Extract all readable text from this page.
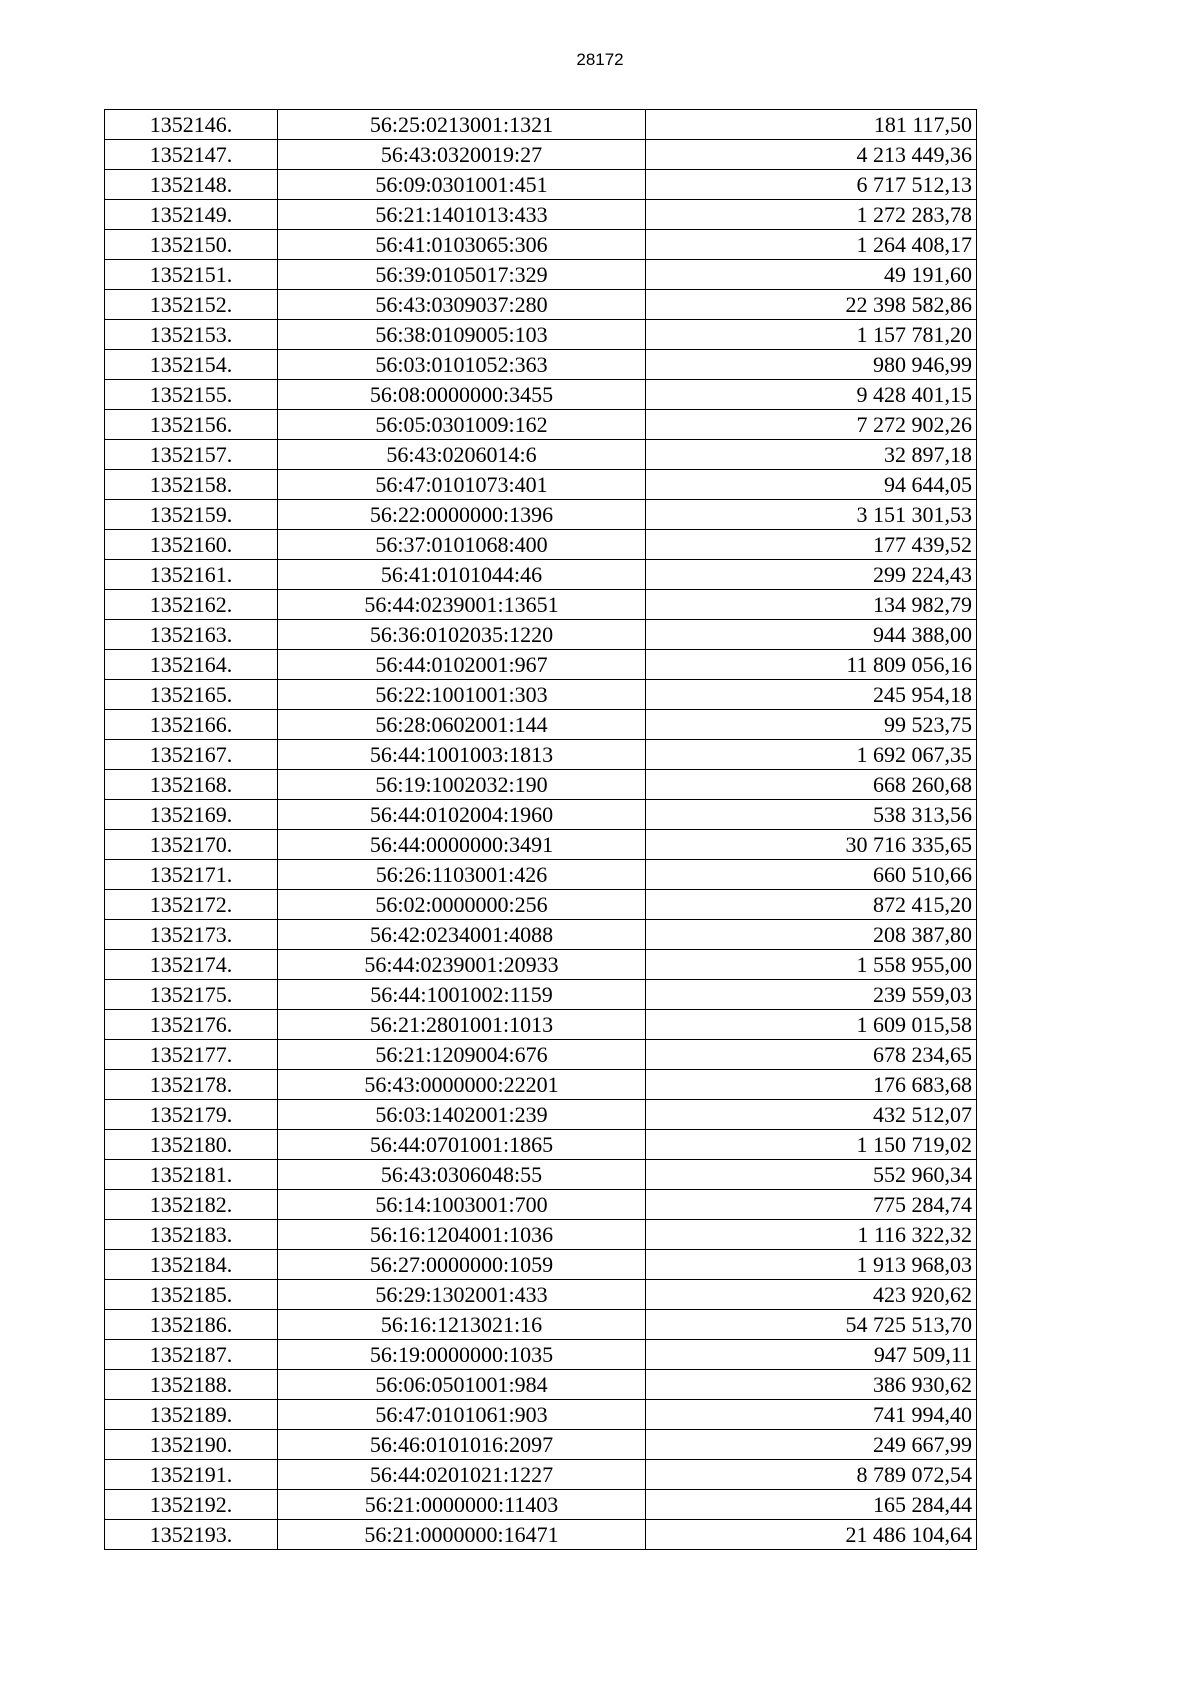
28172
1352146.	56:25:0213001:1321	181 117,50
1352147.	56:43:0320019:27	4 213 449,36
1352148.	56:09:0301001:451	6 717 512,13
1352149.	56:21:1401013:433	1 272 283,78
1352150.	56:41:0103065:306	1 264 408,17
1352151.	56:39:0105017:329	49 191,60
1352152.	56:43:0309037:280	22 398 582,86
1352153.	56:38:0109005:103	1 157 781,20
1352154.	56:03:0101052:363	980 946,99
1352155.	56:08:0000000:3455	9 428 401,15
1352156.	56:05:0301009:162	7 272 902,26
1352157.	56:43:0206014:6	32 897,18
1352158.	56:47:0101073:401	94 644,05
1352159.	56:22:0000000:1396	3 151 301,53
1352160.	56:37:0101068:400	177 439,52
1352161.	56:41:0101044:46	299 224,43
1352162.	56:44:0239001:13651	134 982,79
1352163.	56:36:0102035:1220	944 388,00
1352164.	56:44:0102001:967	11 809 056,16
1352165.	56:22:1001001:303	245 954,18
1352166.	56:28:0602001:144	99 523,75
1352167.	56:44:1001003:1813	1 692 067,35
1352168.	56:19:1002032:190	668 260,68
1352169.	56:44:0102004:1960	538 313,56
1352170.	56:44:0000000:3491	30 716 335,65
1352171.	56:26:1103001:426	660 510,66
1352172.	56:02:0000000:256	872 415,20
1352173.	56:42:0234001:4088	208 387,80
1352174.	56:44:0239001:20933	1 558 955,00
1352175.	56:44:1001002:1159	239 559,03
1352176.	56:21:2801001:1013	1 609 015,58
1352177.	56:21:1209004:676	678 234,65
1352178.	56:43:0000000:22201	176 683,68
1352179.	56:03:1402001:239	432 512,07
1352180.	56:44:0701001:1865	1 150 719,02
1352181.	56:43:0306048:55	552 960,34
1352182.	56:14:1003001:700	775 284,74
1352183.	56:16:1204001:1036	1 116 322,32
1352184.	56:27:0000000:1059	1 913 968,03
1352185.	56:29:1302001:433	423 920,62
1352186.	56:16:1213021:16	54 725 513,70
1352187.	56:19:0000000:1035	947 509,11
1352188.	56:06:0501001:984	386 930,62
1352189.	56:47:0101061:903	741 994,40
1352190.	56:46:0101016:2097	249 667,99
1352191.	56:44:0201021:1227	8 789 072,54
1352192.	56:21:0000000:11403	165 284,44
1352193.	56:21:0000000:16471	21 486 104,64
